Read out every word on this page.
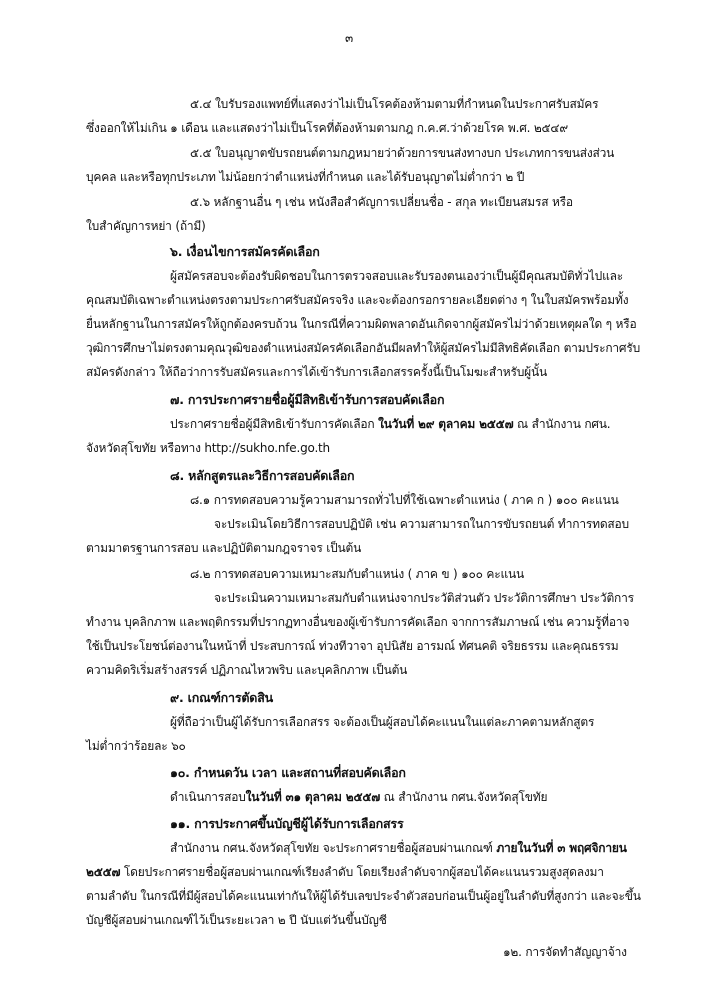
๓
๕.๔ ใบรับรองแพทย์ที่แสดงว่าไม่เป็นโรคต้องห้ามตามที่กำหนดในประกาศรับสมัคร
ซึ่งออกให้ไม่เกิน ๑ เดือน และแสดงว่าไม่เป็นโรคที่ต้องห้ามตามกฎ ก.ค.ศ.ว่าด้วยโรค พ.ศ. ๒๕๔๙
๕.๕ ใบอนุญาตขับรถยนต์ตามกฎหมายว่าด้วยการขนส่งทางบก ประเภทการขนส่งส่วน
บุคคล และหรือทุกประเภท ไม่น้อยกว่าตำแหน่งที่กำหนด และได้รับอนุญาตไม่ต่ำกว่า ๒ ปี
๕.๖ หลักฐานอื่น ๆ เช่น หนังสือสำคัญการเปลี่ยนชื่อ - สกุล ทะเบียนสมรส หรือ
ใบสำคัญการหย่า (ถ้ามี)
๖. เงื่อนไขการสมัครคัดเลือก
ผู้สมัครสอบจะต้องรับผิดชอบในการตรวจสอบและรับรองตนเองว่าเป็นผู้มีคุณสมบัติทั่วไปและ
คุณสมบัติเฉพาะตำแหน่งตรงตามประกาศรับสมัครจริง และจะต้องกรอกรายละเอียดต่าง ๆ ในใบสมัครพร้อมทั้ง
ยื่นหลักฐานในการสมัครให้ถูกต้องครบถ้วน ในกรณีที่ความผิดพลาดอันเกิดจากผู้สมัครไม่ว่าด้วยเหตุผลใด ๆ หรือ
วุฒิการศึกษาไม่ตรงตามคุณวุฒิของตำแหน่งสมัครคัดเลือกอันมีผลทำให้ผู้สมัครไม่มีสิทธิคัดเลือก ตามประกาศรับ
สมัครดังกล่าว ให้ถือว่าการรับสมัครและการได้เข้ารับการเลือกสรรครั้งนี้เป็นโมฆะสำหรับผู้นั้น
๗. การประกาศรายชื่อผู้มีสิทธิเข้ารับการสอบคัดเลือก
ประกาศรายชื่อผู้มีสิทธิเข้ารับการคัดเลือก ในวันที่ ๒๙ ตุลาคม ๒๕๕๗ ณ สำนักงาน กศน.
จังหวัดสุโขทัย หรือทาง http://sukho.nfe.go.th
๘. หลักสูตรและวิธีการสอบคัดเลือก
๘.๑ การทดสอบความรู้ความสามารถทั่วไปที่ใช้เฉพาะตำแหน่ง ( ภาค ก ) ๑๐๐ คะแนน
จะประเมินโดยวิธีการสอบปฏิบัติ เช่น ความสามารถในการขับรถยนต์ ทำการทดสอบ
ตามมาตรฐานการสอบ และปฏิบัติตามกฎจราจร เป็นต้น
๘.๒ การทดสอบความเหมาะสมกับตำแหน่ง ( ภาค ข ) ๑๐๐ คะแนน
จะประเมินความเหมาะสมกับตำแหน่งจากประวัติส่วนตัว ประวัติการศึกษา ประวัติการ
ทำงาน บุคลิกภาพ และพฤติกรรมที่ปรากฏทางอื่นของผู้เข้ารับการคัดเลือก จากการสัมภาษณ์ เช่น ความรู้ที่อาจ
ใช้เป็นประโยชน์ต่องานในหน้าที่ ประสบการณ์ ท่วงทีวาจา อุปนิสัย อารมณ์ ทัศนคติ จริยธรรม และคุณธรรม
ความคิดริเริ่มสร้างสรรค์ ปฏิภาณไหวพริบ และบุคลิกภาพ เป็นต้น
๙. เกณฑ์การตัดสิน
ผู้ที่ถือว่าเป็นผู้ได้รับการเลือกสรร จะต้องเป็นผู้สอบได้คะแนนในแต่ละภาคตามหลักสูตร
ไม่ต่ำกว่าร้อยละ ๖๐
๑๐. กำหนดวัน เวลา และสถานที่สอบคัดเลือก
ดำเนินการสอบในวันที่ ๓๑ ตุลาคม ๒๕๕๗ ณ สำนักงาน กศน.จังหวัดสุโขทัย
๑๑. การประกาศขึ้นบัญชีผู้ได้รับการเลือกสรร
สำนักงาน กศน.จังหวัดสุโขทัย จะประกาศรายชื่อผู้สอบผ่านเกณฑ์ ภายในวันที่ ๓ พฤศจิกายน
๒๕๕๗ โดยประกาศรายชื่อผู้สอบผ่านเกณฑ์เรียงลำดับ โดยเรียงลำดับจากผู้สอบได้คะแนนรวมสูงสุดลงมา
ตามลำดับ ในกรณีที่มีผู้สอบได้คะแนนเท่ากันให้ผู้ได้รับเลขประจำตัวสอบก่อนเป็นผู้อยู่ในลำดับที่สูงกว่า และจะขึ้น
บัญชีผู้สอบผ่านเกณฑ์ไว้เป็นระยะเวลา ๒ ปี นับแต่วันขึ้นบัญชี
๑๒. การจัดทำสัญญาจ้าง
